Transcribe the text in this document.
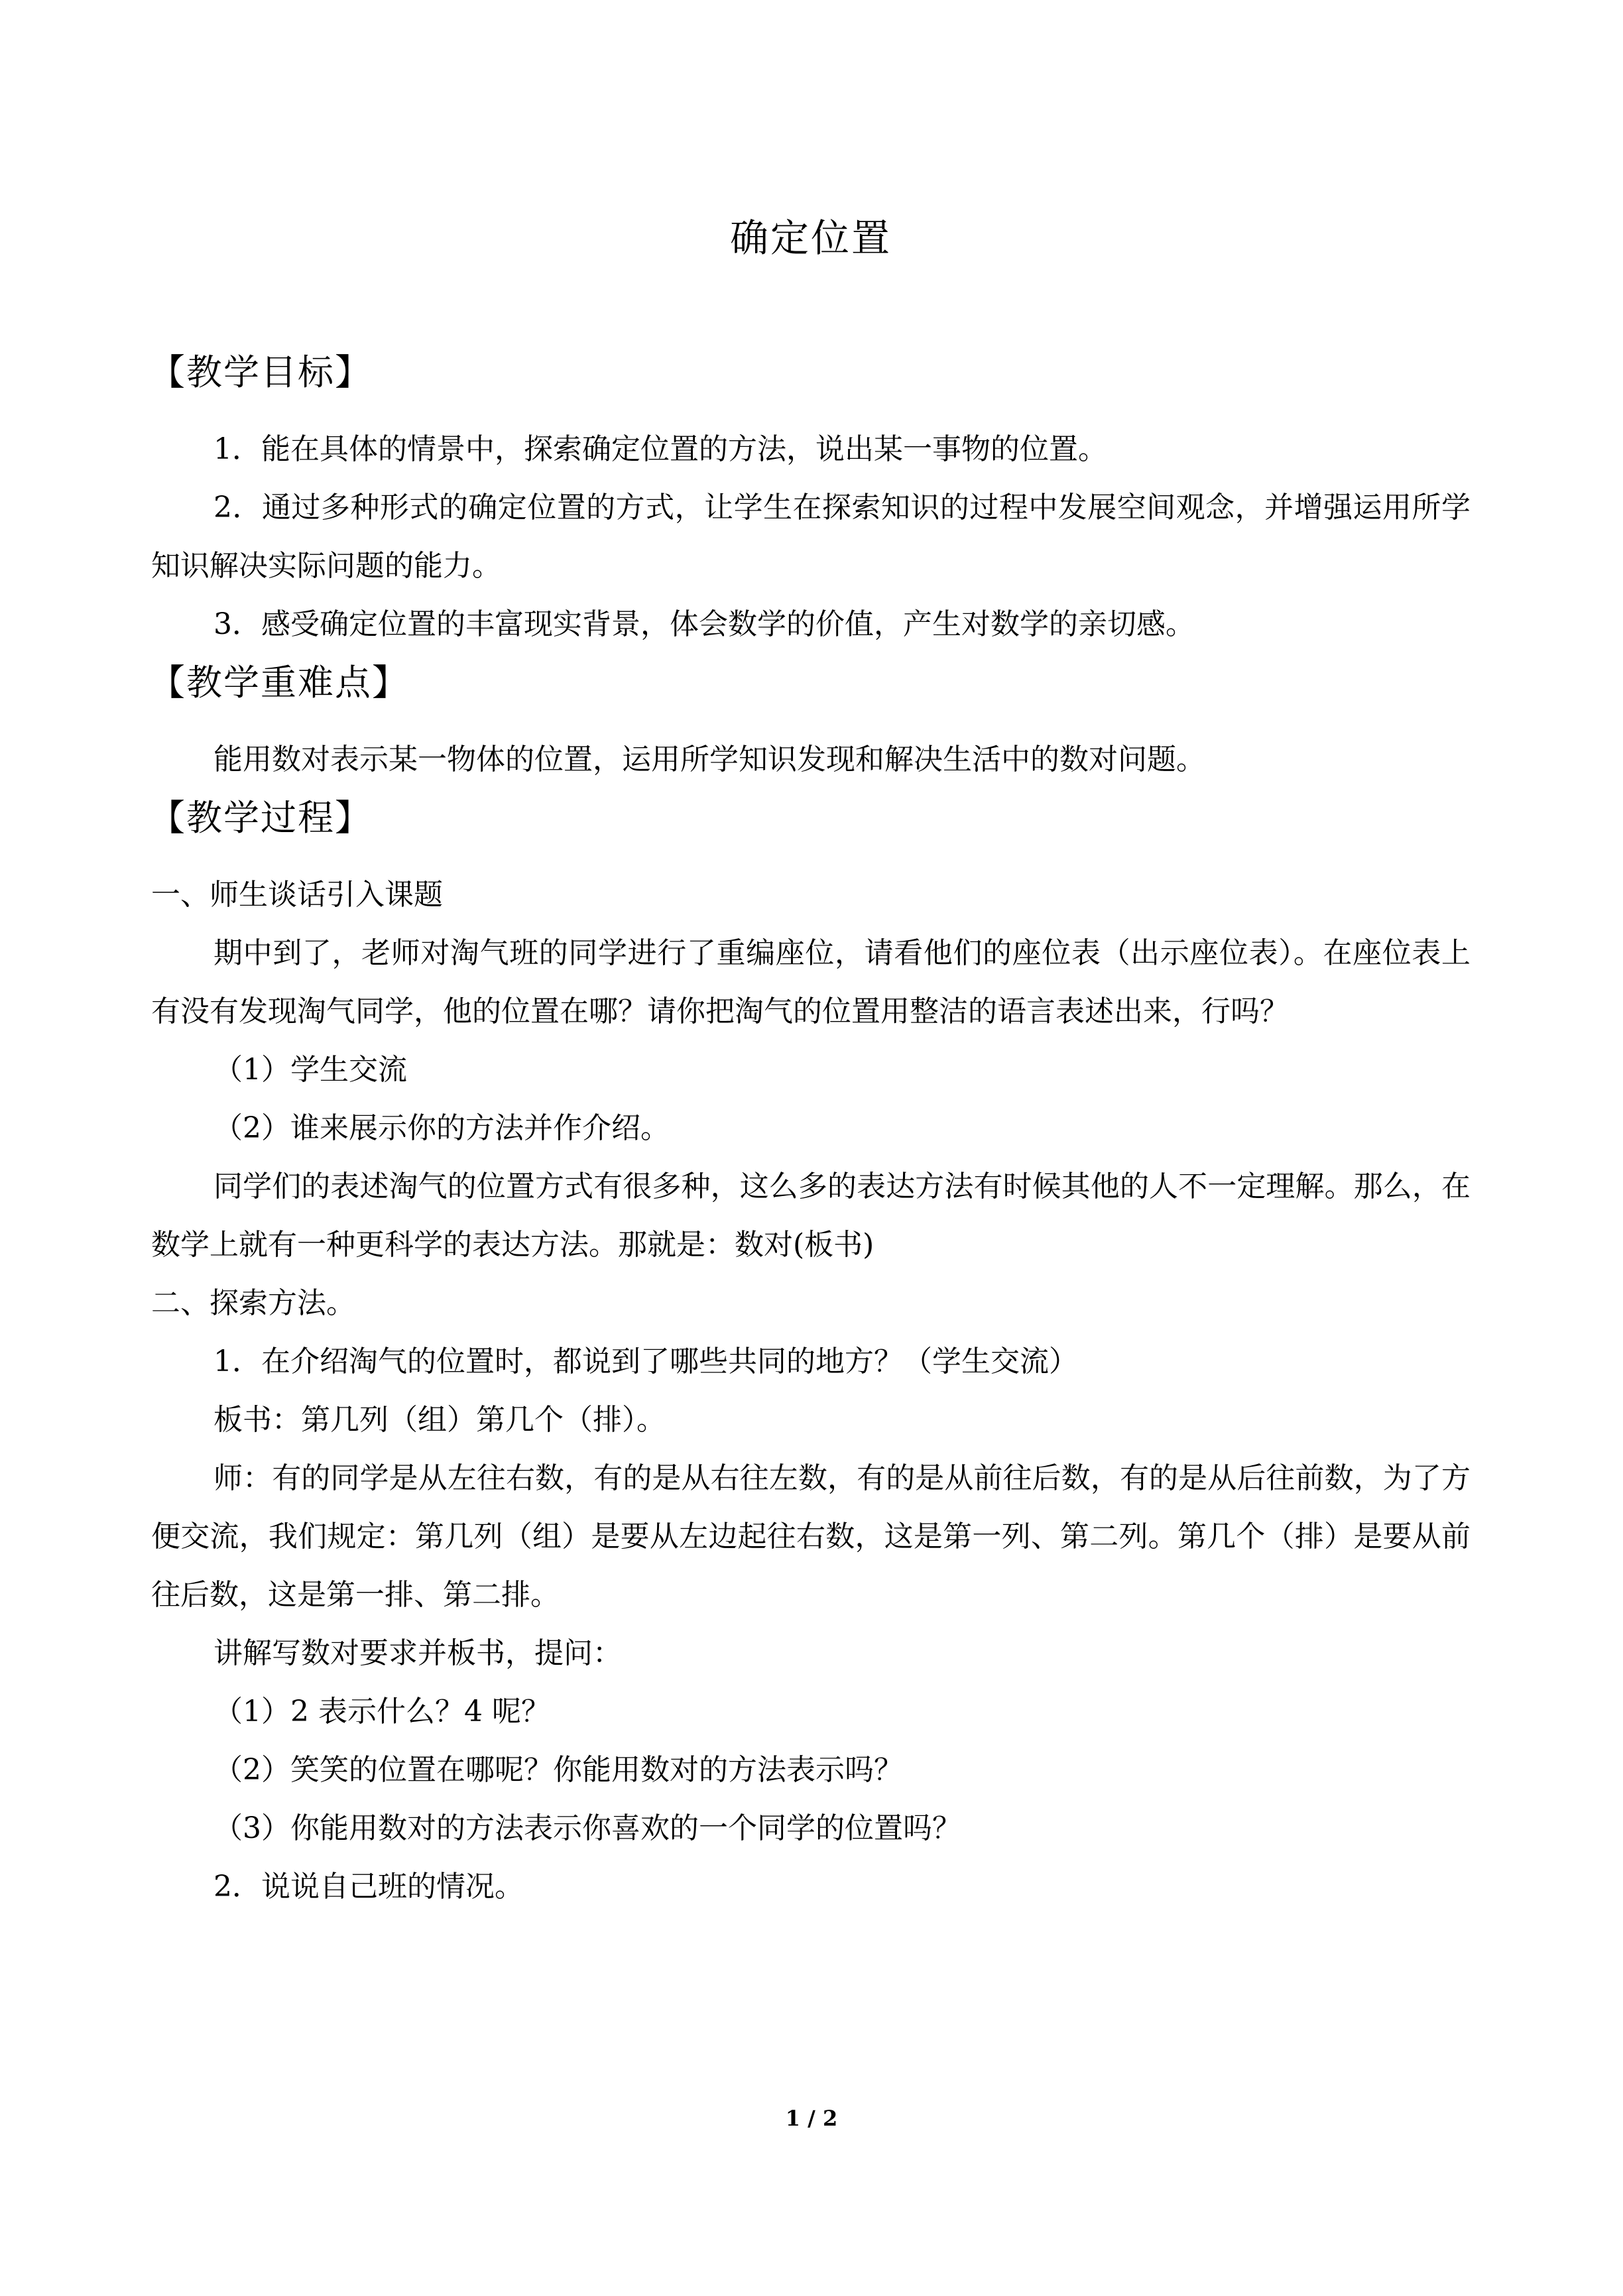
确定位置
【教学目标】

1．能在具体的情景中，探索确定位置的方法，说出某一事物的位置。

2．通过多种形式的确定位置的方式，让学生在探索知识的过程中发展空间观念，并增强运用所学知识解决实际问题的能力。

3．感受确定位置的丰富现实背景，体会数学的价值，产生对数学的亲切感。

【教学重难点】

能用数对表示某一物体的位置，运用所学知识发现和解决生活中的数对问题。

【教学过程】

一、师生谈话引入课题

期中到了，老师对淘气班的同学进行了重编座位，请看他们的座位表（出示座位表）。在座位表上有没有发现淘气同学，他的位置在哪？请你把淘气的位置用整洁的语言表述出来，行吗？

（1）学生交流

（2）谁来展示你的方法并作介绍。

同学们的表述淘气的位置方式有很多种，这么多的表达方法有时候其他的人不一定理解。那么，在数学上就有一种更科学的表达方法。那就是：数对(板书)

二、探索方法。

1．在介绍淘气的位置时，都说到了哪些共同的地方？（学生交流）

板书：第几列（组）第几个（排）。

师：有的同学是从左往右数，有的是从右往左数，有的是从前往后数，有的是从后往前数，为了方便交流，我们规定：第几列（组）是要从左边起往右数，这是第一列、第二列。第几个（排）是要从前往后数，这是第一排、第二排。

讲解写数对要求并板书，提问：

（1）2 表示什么？4 呢？

（2）笑笑的位置在哪呢？你能用数对的方法表示吗？

（3）你能用数对的方法表示你喜欢的一个同学的位置吗？

2．说说自己班的情况。

1 / 2
